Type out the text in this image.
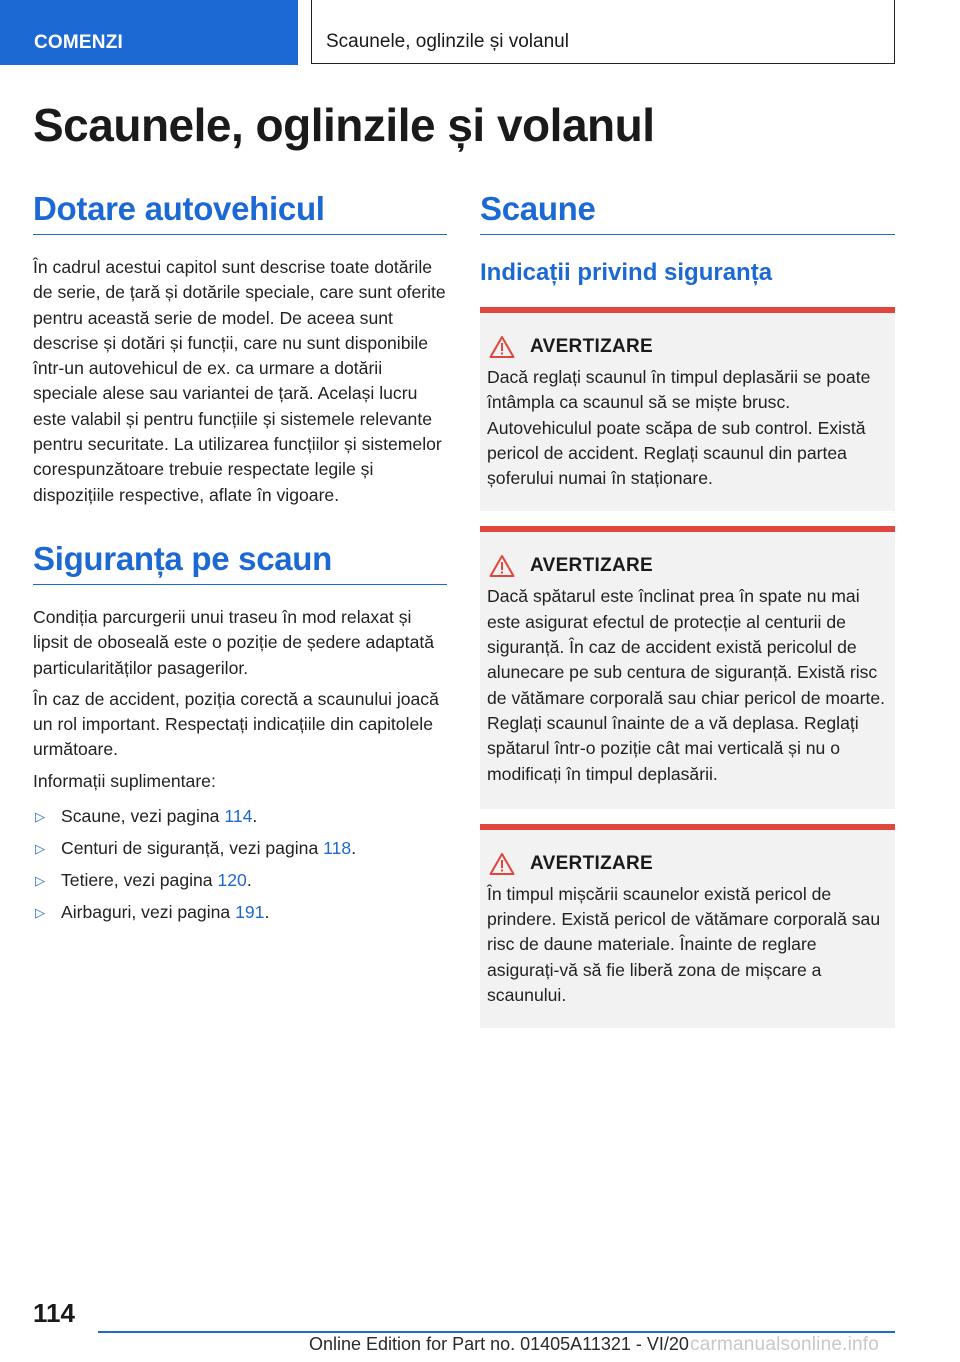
COMENZI	Scaunele, oglinzile și volanul
Scaunele, oglinzile și volanul
Dotare autovehicul

În cadrul acestui capitol sunt descrise toate dotările de serie, de țară și dotările speciale, care sunt oferite pentru această serie de model. De aceea sunt descrise și dotări și funcții, care nu sunt disponibile într-un autovehicul de ex. ca urmare a dotării speciale alese sau variantei de țară. Același lucru este valabil și pentru funcțiile și sistemele relevante pentru securitate. La utilizarea funcțiilor și sistemelor corespunzătoare trebuie respectate legile și dispozițiile respective, aflate în vigoare.

Siguranța pe scaun

Condiția parcurgerii unui traseu în mod relaxat și lipsit de oboseală este o poziție de ședere adaptată particularităților pasagerilor.

În caz de accident, poziția corectă a scaunului joacă un rol important. Respectați indicațiile din capitolele următoare.

Informații suplimentare:

▷ Scaune, vezi pagina 114.
▷ Centuri de siguranță, vezi pagina 118.
▷ Tetiere, vezi pagina 120.
▷ Airbaguri, vezi pagina 191.
Scaune
Indicații privind siguranța
AVERTIZARE

Dacă reglați scaunul în timpul deplasării se poate întâmpla ca scaunul să se miște brusc. Autovehiculul poate scăpa de sub control. Există pericol de accident. Reglați scaunul din partea șoferului numai în staționare.

AVERTIZARE

Dacă spătarul este înclinat prea în spate nu mai este asigurat efectul de protecție al centurii de siguranță. În caz de accident există pericolul de alunecare pe sub centura de siguranță. Există risc de vătămare corporală sau chiar pericol de moarte. Reglați scaunul înainte de a vă deplasa. Reglați spătarul într-o poziție cât mai verticală și nu o modificați în timpul deplasării.

AVERTIZARE

În timpul mișcării scaunelor există pericol de prindere. Există pericol de vătămare corporală sau risc de daune materiale. Înainte de reglare asigurați-vă să fie liberă zona de mișcare a scaunului.

114
Online Edition for Part no. 01405A11321 - VI/20 carmanualsonline.info
